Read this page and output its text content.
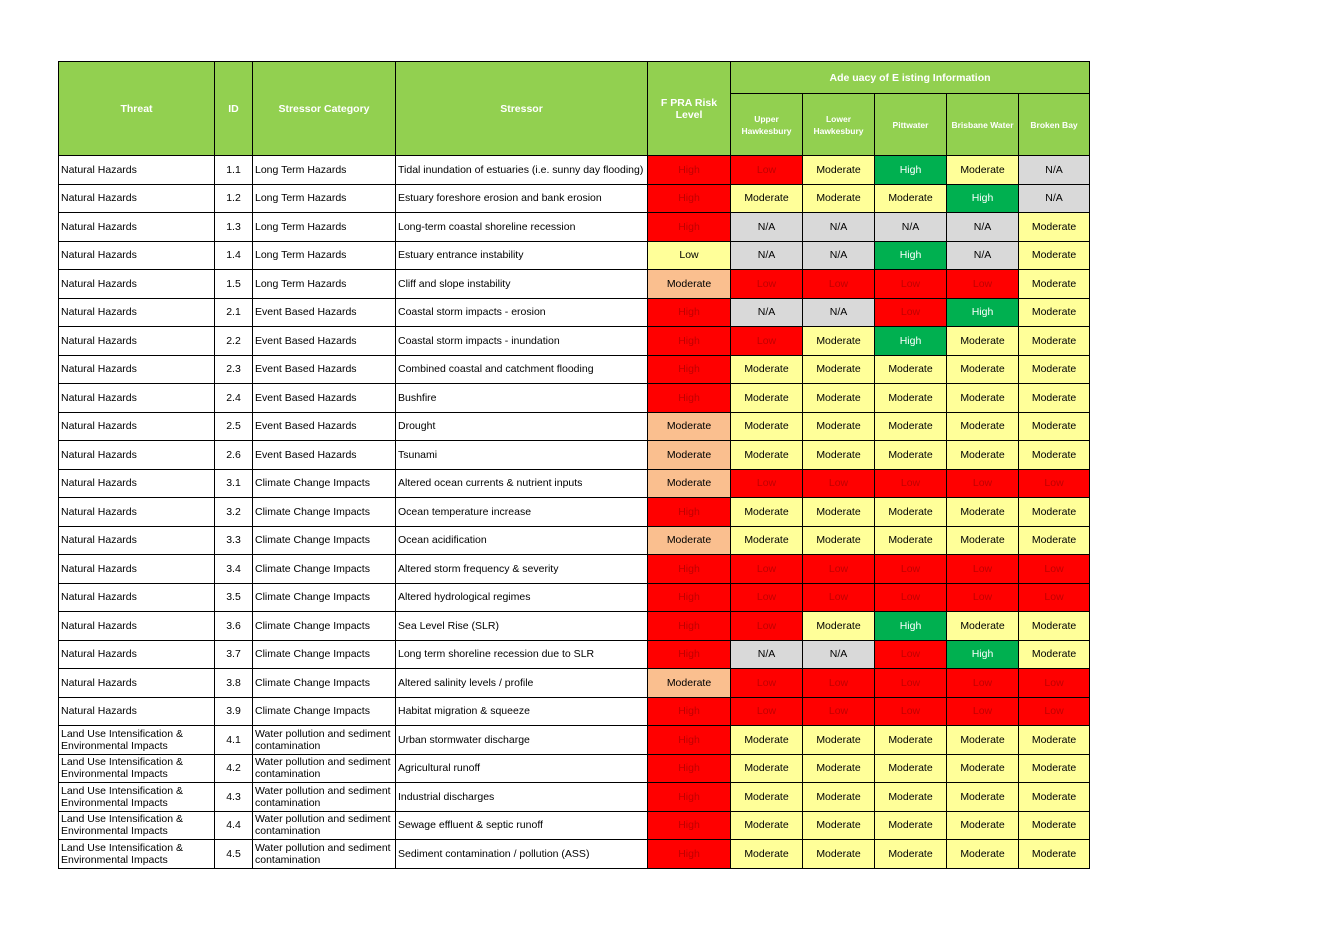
Threat	ID	Stressor Category	Stressor	F PRA Risk Level	Ade uacy of E isting Information				
					Upper Hawkesbury	Lower Hawkesbury	Pittwater	Brisbane Water	Broken Bay
Natural Hazards	1.1	Long Term Hazards	Tidal inundation of estuaries (i.e. sunny day flooding)	High	Low	Moderate	High	Moderate	N/A
Natural Hazards	1.2	Long Term Hazards	Estuary foreshore erosion and bank erosion	High	Moderate	Moderate	Moderate	High	N/A
Natural Hazards	1.3	Long Term Hazards	Long-term coastal shoreline recession	High	N/A	N/A	N/A	N/A	Moderate
Natural Hazards	1.4	Long Term Hazards	Estuary entrance instability	Low	N/A	N/A	High	N/A	Moderate
Natural Hazards	1.5	Long Term Hazards	Cliff and slope instability	Moderate	Low	Low	Low	Low	Moderate
Natural Hazards	2.1	Event Based Hazards	Coastal storm impacts - erosion	High	N/A	N/A	Low	High	Moderate
Natural Hazards	2.2	Event Based Hazards	Coastal storm impacts - inundation	High	Low	Moderate	High	Moderate	Moderate
Natural Hazards	2.3	Event Based Hazards	Combined coastal and catchment flooding	High	Moderate	Moderate	Moderate	Moderate	Moderate
Natural Hazards	2.4	Event Based Hazards	Bushfire	High	Moderate	Moderate	Moderate	Moderate	Moderate
Natural Hazards	2.5	Event Based Hazards	Drought	Moderate	Moderate	Moderate	Moderate	Moderate	Moderate
Natural Hazards	2.6	Event Based Hazards	Tsunami	Moderate	Moderate	Moderate	Moderate	Moderate	Moderate
Natural Hazards	3.1	Climate Change Impacts	Altered ocean currents & nutrient inputs	Moderate	Low	Low	Low	Low	Low
Natural Hazards	3.2	Climate Change Impacts	Ocean temperature increase	High	Moderate	Moderate	Moderate	Moderate	Moderate
Natural Hazards	3.3	Climate Change Impacts	Ocean acidification	Moderate	Moderate	Moderate	Moderate	Moderate	Moderate
Natural Hazards	3.4	Climate Change Impacts	Altered storm frequency & severity	High	Low	Low	Low	Low	Low
Natural Hazards	3.5	Climate Change Impacts	Altered hydrological regimes	High	Low	Low	Low	Low	Low
Natural Hazards	3.6	Climate Change Impacts	Sea Level Rise (SLR)	High	Low	Moderate	High	Moderate	Moderate
Natural Hazards	3.7	Climate Change Impacts	Long term shoreline recession due to SLR	High	N/A	N/A	Low	High	Moderate
Natural Hazards	3.8	Climate Change Impacts	Altered salinity levels / profile	Moderate	Low	Low	Low	Low	Low
Natural Hazards	3.9	Climate Change Impacts	Habitat migration & squeeze	High	Low	Low	Low	Low	Low
Land Use Intensification & Environmental Impacts	4.1	Water pollution and sediment contamination	Urban stormwater discharge	High	Moderate	Moderate	Moderate	Moderate	Moderate
Land Use Intensification & Environmental Impacts	4.2	Water pollution and sediment contamination	Agricultural runoff	High	Moderate	Moderate	Moderate	Moderate	Moderate
Land Use Intensification & Environmental Impacts	4.3	Water pollution and sediment contamination	Industrial discharges	High	Moderate	Moderate	Moderate	Moderate	Moderate
Land Use Intensification & Environmental Impacts	4.4	Water pollution and sediment contamination	Sewage effluent & septic runoff	High	Moderate	Moderate	Moderate	Moderate	Moderate
Land Use Intensification & Environmental Impacts	4.5	Water pollution and sediment contamination	Sediment contamination / pollution (ASS)	High	Moderate	Moderate	Moderate	Moderate	Moderate
